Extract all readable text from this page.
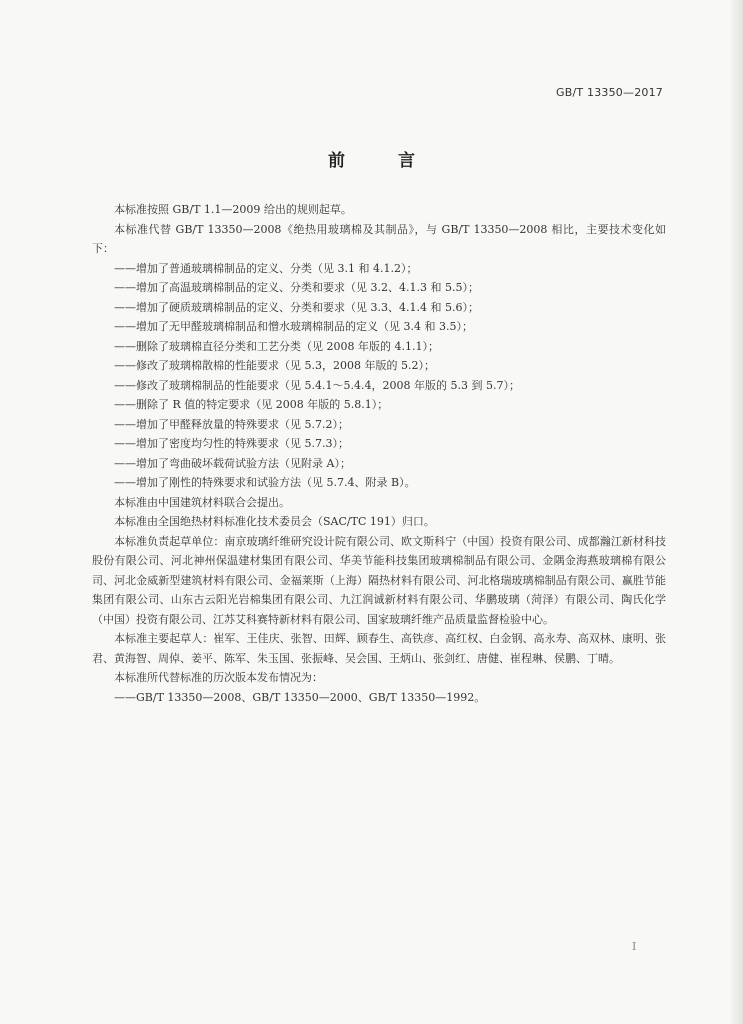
GB/T 13350—2017
前　言

本标准按照 GB/T 1.1—2009 给出的规则起草。

本标准代替 GB/T 13350—2008《绝热用玻璃棉及其制品》，与 GB/T 13350—2008 相比，主要技术变化如下：

——增加了普通玻璃棉制品的定义、分类（见 3.1 和 4.1.2）；

——增加了高温玻璃棉制品的定义、分类和要求（见 3.2、4.1.3 和 5.5）；

——增加了硬质玻璃棉制品的定义、分类和要求（见 3.3、4.1.4 和 5.6）；

——增加了无甲醛玻璃棉制品和憎水玻璃棉制品的定义（见 3.4 和 3.5）；

——删除了玻璃棉直径分类和工艺分类（见 2008 年版的 4.1.1）；

——修改了玻璃棉散棉的性能要求（见 5.3，2008 年版的 5.2）；

——修改了玻璃棉制品的性能要求（见 5.4.1～5.4.4，2008 年版的 5.3 到 5.7）；

——删除了 R 值的特定要求（见 2008 年版的 5.8.1）；

——增加了甲醛释放量的特殊要求（见 5.7.2）；

——增加了密度均匀性的特殊要求（见 5.7.3）；

——增加了弯曲破坏载荷试验方法（见附录 A）；

——增加了刚性的特殊要求和试验方法（见 5.7.4、附录 B）。

本标准由中国建筑材料联合会提出。

本标准由全国绝热材料标准化技术委员会（SAC/TC 191）归口。

本标准负责起草单位：南京玻璃纤维研究设计院有限公司、欧文斯科宁（中国）投资有限公司、成都瀚江新材科技股份有限公司、河北神州保温建材集团有限公司、华美节能科技集团玻璃棉制品有限公司、金隅金海燕玻璃棉有限公司、河北金威新型建筑材料有限公司、金福莱斯（上海）隔热材料有限公司、河北格瑞玻璃棉制品有限公司、赢胜节能集团有限公司、山东古云阳光岩棉集团有限公司、九江润诚新材料有限公司、华鹏玻璃（菏泽）有限公司、陶氏化学（中国）投资有限公司、江苏艾科赛特新材料有限公司、国家玻璃纤维产品质量监督检验中心。

本标准主要起草人：崔军、王佳庆、张智、田辉、顾春生、高铁彦、高红权、白金钢、高永寿、高双林、康明、张君、黄海智、周倬、姜平、陈军、朱玉国、张振峰、吴会国、王炳山、张剑红、唐健、崔程琳、侯鹏、丁晴。

本标准所代替标准的历次版本发布情况为：

——GB/T 13350—2008、GB/T 13350—2000、GB/T 13350—1992。

I
